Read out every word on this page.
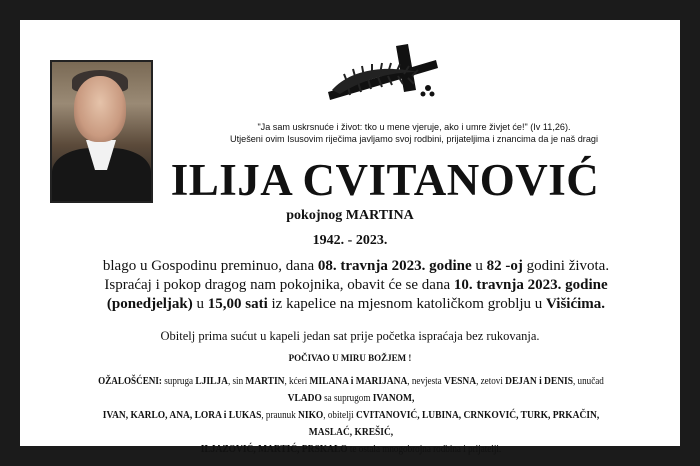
"Ja sam uskrsnuće i život: tko u mene vjeruje, ako i umre živjet će!" (Iv 11,26).
Utješeni ovim Isusovim riječima javljamo svoj rodbini, prijateljima i znancima da je naš dragi
ILIJA CVITANOVIĆ
pokojnog MARTINA
1942. - 2023.
blago u Gospodinu preminuo, dana 08. travnja 2023. godine u 82 -oj godini života.
Ispraćaj i pokop dragog nam pokojnika, obavit će se dana 10. travnja 2023. godine
(ponedjeljak) u 15,00 sati iz kapelice na mjesnom katoličkom groblju u Višićima.
Obitelj prima sućut u kapeli jedan sat prije početka ispraćaja bez rukovanja.
POČIVAO U MIRU BOŽJEM !
OŽALOŠĆENI: supruga LJILJA, sin MARTIN, kćeri MILANA i MARIJANA, nevjesta VESNA, zetovi DEJAN i DENIS, unučad VLADO sa suprugom IVANOM,
IVAN, KARLO, ANA, LORA i LUKAS, praunuk NIKO, obitelji CVITANOVIĆ, LUBINA, CRNKOVIĆ, TURK, PRKAČIN, MASLAĆ, KREŠIĆ,
ILJAZOVIĆ, MARTIĆ, PRSKALO te ostala mnogobrojna rodbina i prijatelji.
